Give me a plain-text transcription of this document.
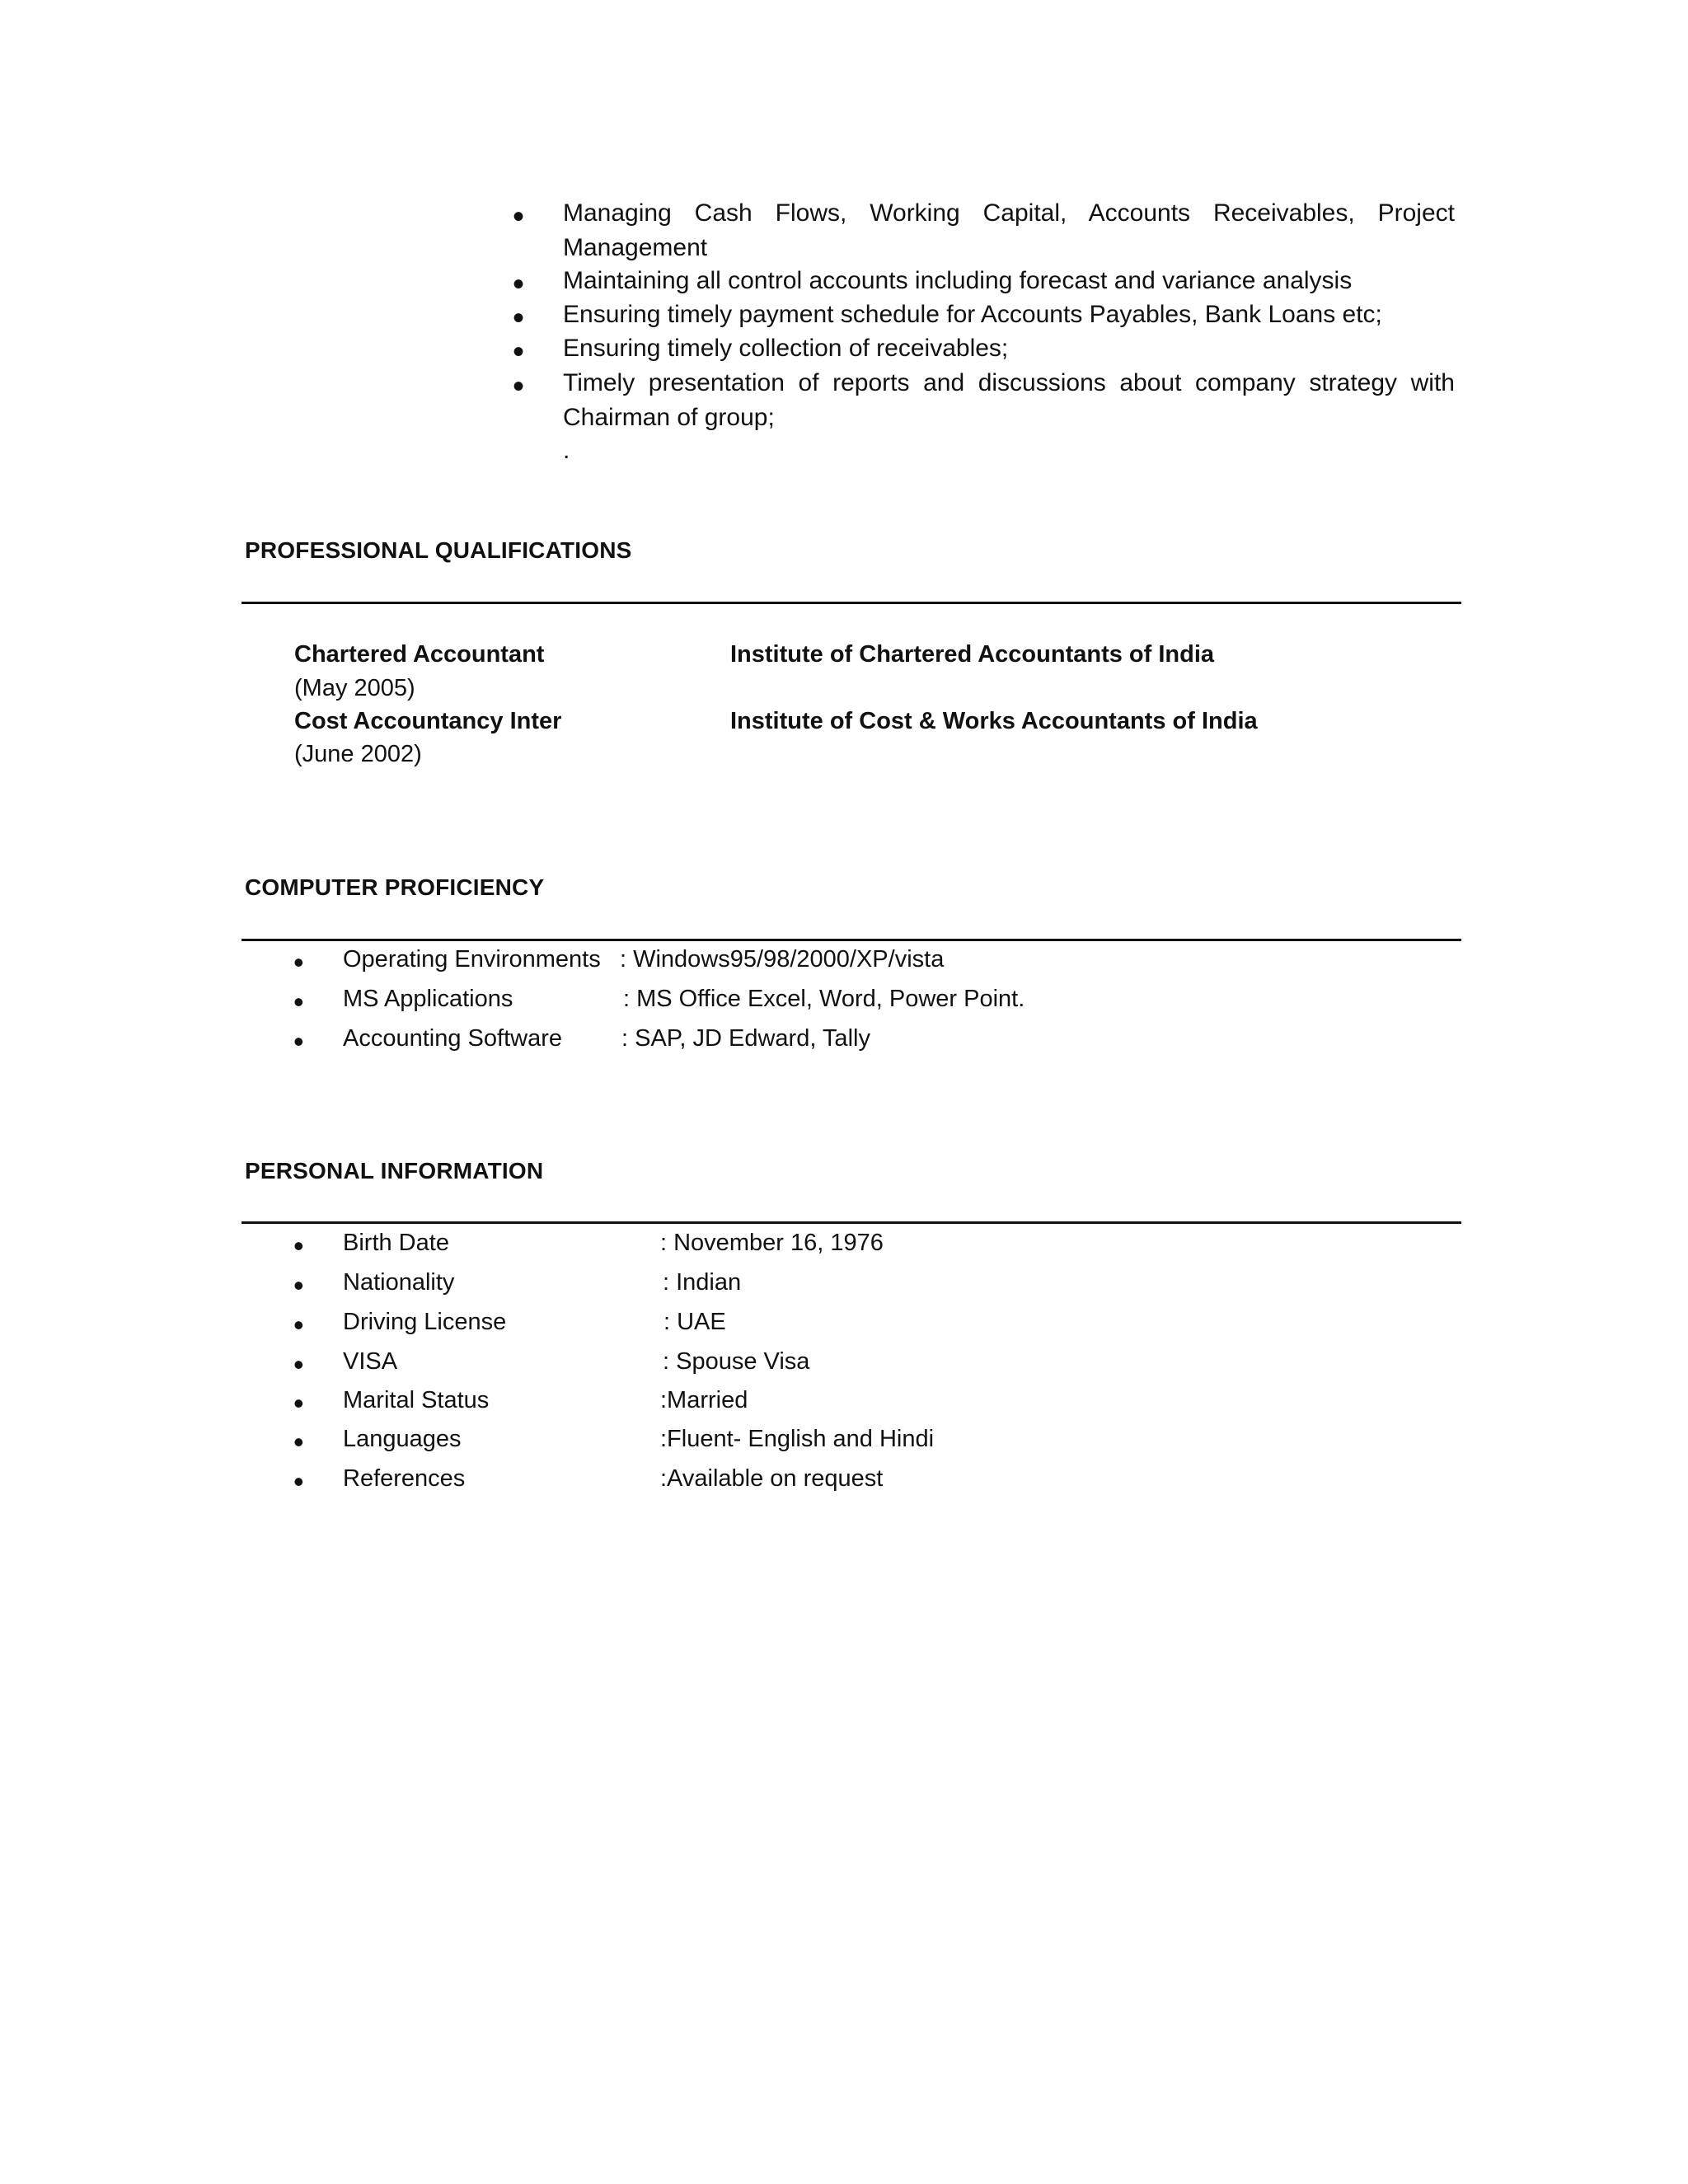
• Managing Cash Flows, Working Capital, Accounts Receivables, Project
Management
• Maintaining all control accounts including forecast and variance analysis
• Ensuring timely payment schedule for Accounts Payables, Bank Loans etc;
• Ensuring timely collection of receivables;
• Timely presentation of reports and discussions about company strategy with
Chairman of group;
.
PROFESSIONAL QUALIFICATIONS
Chartered Accountant	Institute of Chartered Accountants of India
(May 2005)
Cost Accountancy Inter	Institute of Cost & Works Accountants of India
(June 2002)
COMPUTER PROFICIENCY
• Operating Environments : Windows95/98/2000/XP/vista
• MS Applications	: MS Office Excel, Word, Power Point.
• Accounting Software : SAP, JD Edward, Tally
PERSONAL INFORMATION
• Birth Date	: November 16, 1976
• Nationality	: Indian
• Driving License	: UAE
• VISA	: Spouse Visa
• Marital Status	:Married
• Languages	:Fluent- English and Hindi
• References	:Available on request
